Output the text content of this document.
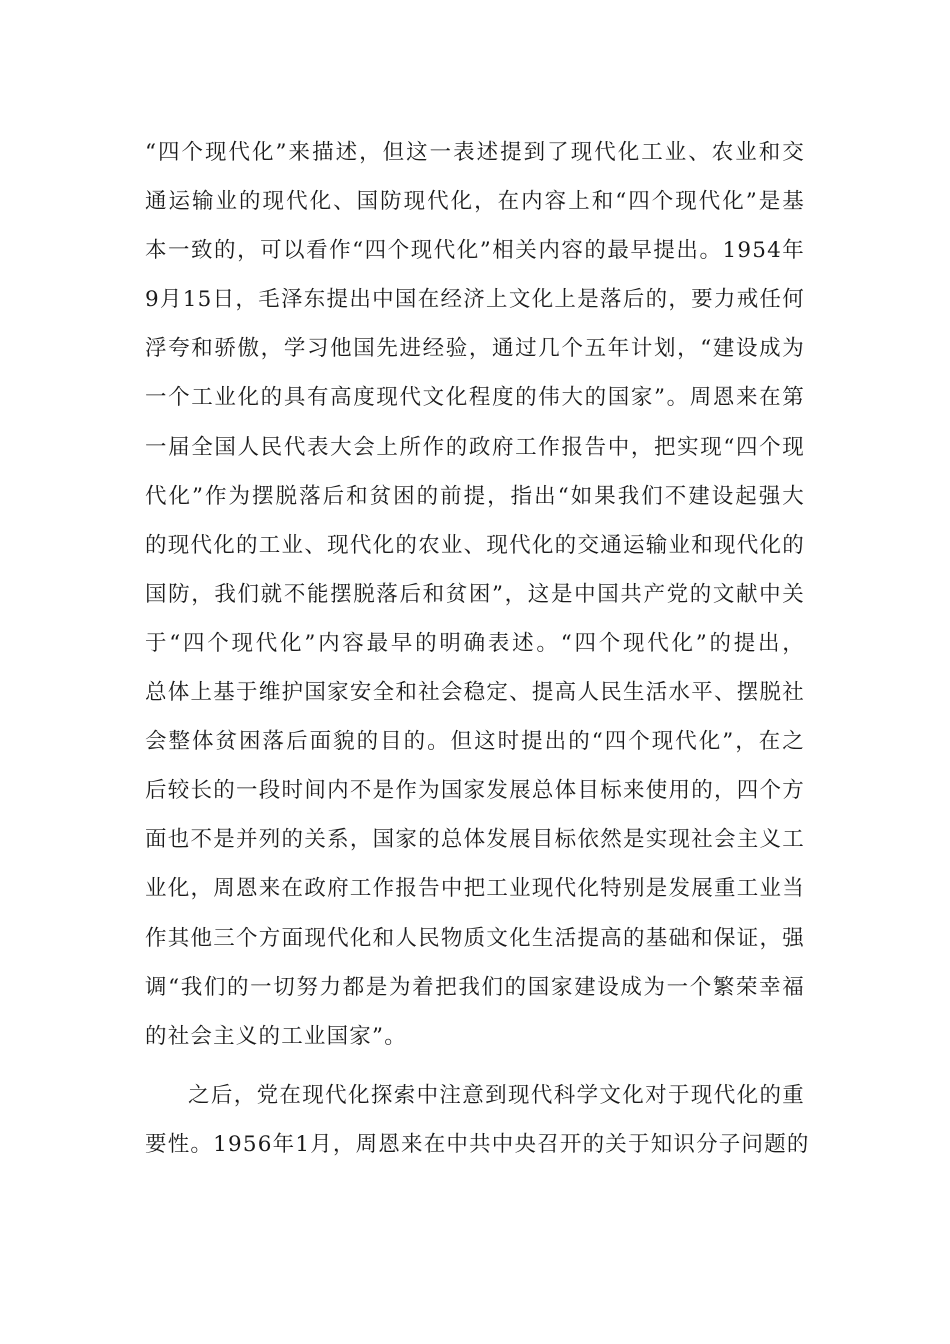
“四个现代化”来描述，但这一表述提到了现代化工业、农业和交
通运输业的现代化、国防现代化，在内容上和“四个现代化”是基
本一致的，可以看作“四个现代化”相关内容的最早提出。1954年
9月15日，毛泽东提出中国在经济上文化上是落后的，要力戒任何
浮夸和骄傲，学习他国先进经验，通过几个五年计划，“建设成为
一个工业化的具有高度现代文化程度的伟大的国家”。周恩来在第
一届全国人民代表大会上所作的政府工作报告中，把实现“四个现
代化”作为摆脱落后和贫困的前提，指出“如果我们不建设起强大
的现代化的工业、现代化的农业、现代化的交通运输业和现代化的
国防，我们就不能摆脱落后和贫困”，这是中国共产党的文献中关
于“四个现代化”内容最早的明确表述。“四个现代化”的提出，
总体上基于维护国家安全和社会稳定、提高人民生活水平、摆脱社
会整体贫困落后面貌的目的。但这时提出的“四个现代化”，在之
后较长的一段时间内不是作为国家发展总体目标来使用的，四个方
面也不是并列的关系，国家的总体发展目标依然是实现社会主义工
业化，周恩来在政府工作报告中把工业现代化特别是发展重工业当
作其他三个方面现代化和人民物质文化生活提高的基础和保证，强
调“我们的一切努力都是为着把我们的国家建设成为一个繁荣幸福
的社会主义的工业国家”。
之后，党在现代化探索中注意到现代科学文化对于现代化的重
要性。1956年1月，周恩来在中共中央召开的关于知识分子问题的
